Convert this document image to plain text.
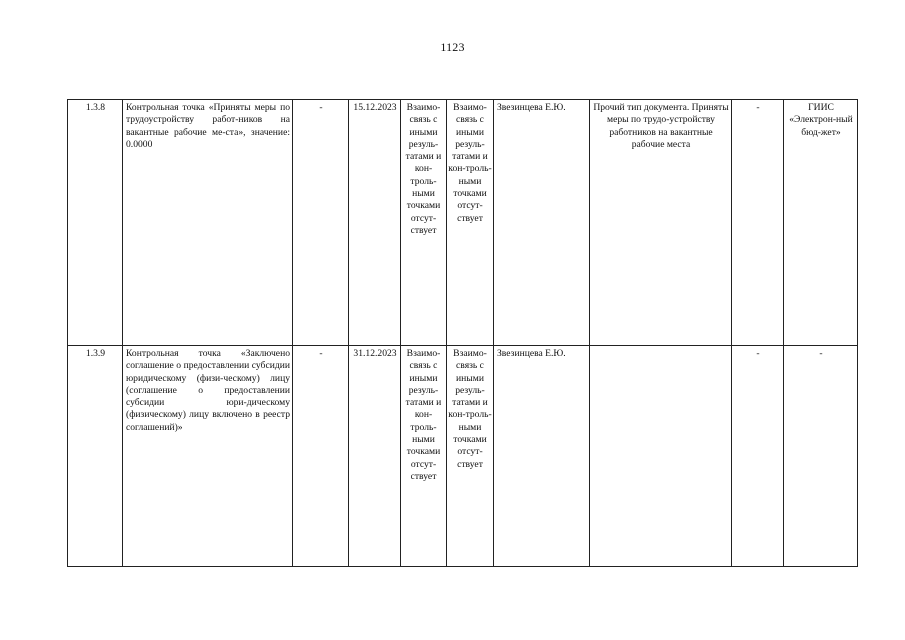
1123
1.3.8	Контрольная точка «Приняты меры по трудоустройству работ-ников на вакантные рабочие ме-ста», значение: 0.0000	-	15.12.2023	Взаимо-связь с иными резуль-татами и кон-троль-ными точками отсут-ствует	Взаимо-связь с иными резуль-татами и кон-троль-ными точками отсут-ствует	Звезинцева Е.Ю.	Прочий тип документа. Приняты меры по трудо-устройству работников на вакантные рабочие места	-	ГИИС «Электрон-ный бюд-жет»
1.3.9	Контрольная точка «Заключено соглашение о предоставлении субсидии юридическому (физи-ческому) лицу (соглашение о предоставлении субсидии юри-дическому (физическому) лицу включено в реестр соглашений)»	-	31.12.2023	Взаимо-связь с иными резуль-татами и кон-троль-ными точками отсут-ствует	Взаимо-связь с иными резуль-татами и кон-троль-ными точками отсут-ствует	Звезинцева Е.Ю.		-	-
